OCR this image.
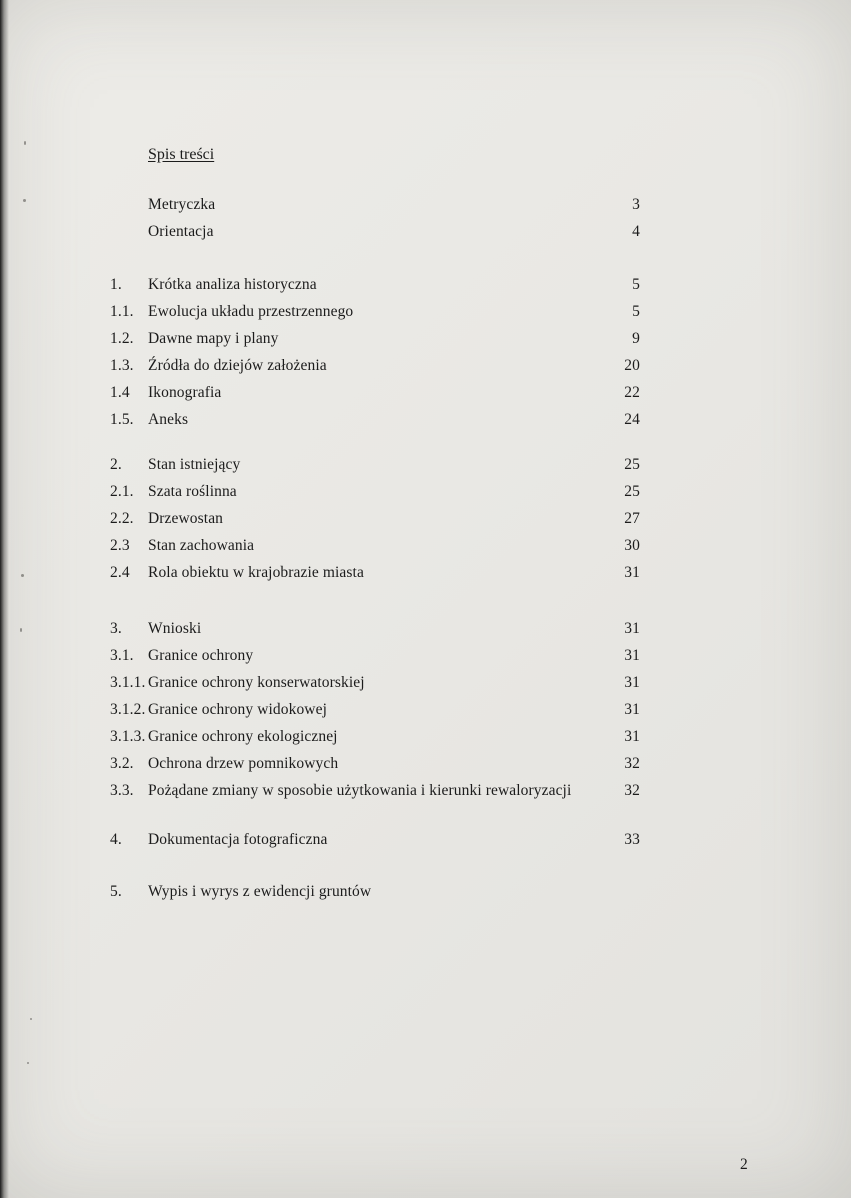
Spis treści
Metryczka	3
Orientacja	4
1.	Krótka analiza historyczna	5
1.1. Ewolucja układu przestrzennego	5
1.2. Dawne mapy i plany	9
1.3. Źródła do dziejów założenia	20
1.4	Ikonografia	22
1.5. Aneks	24
2.	Stan istniejący	25
2.1. Szata roślinna	25
2.2. Drzewostan	27
2.3	Stan zachowania	30
2.4	Rola obiektu w krajobrazie miasta	31
3.	Wnioski	31
3.1. Granice ochrony	31
3.1.1. Granice ochrony konserwatorskiej	31
3.1.2. Granice ochrony widokowej	31
3.1.3. Granice ochrony ekologicznej	31
3.2. Ochrona drzew pomnikowych	32
3.3. Pożądane zmiany w sposobie użytkowania i kierunki rewaloryzacji	32
4.	Dokumentacja fotograficzna	33
5.	Wypis i wyrys z ewidencji gruntów
2
